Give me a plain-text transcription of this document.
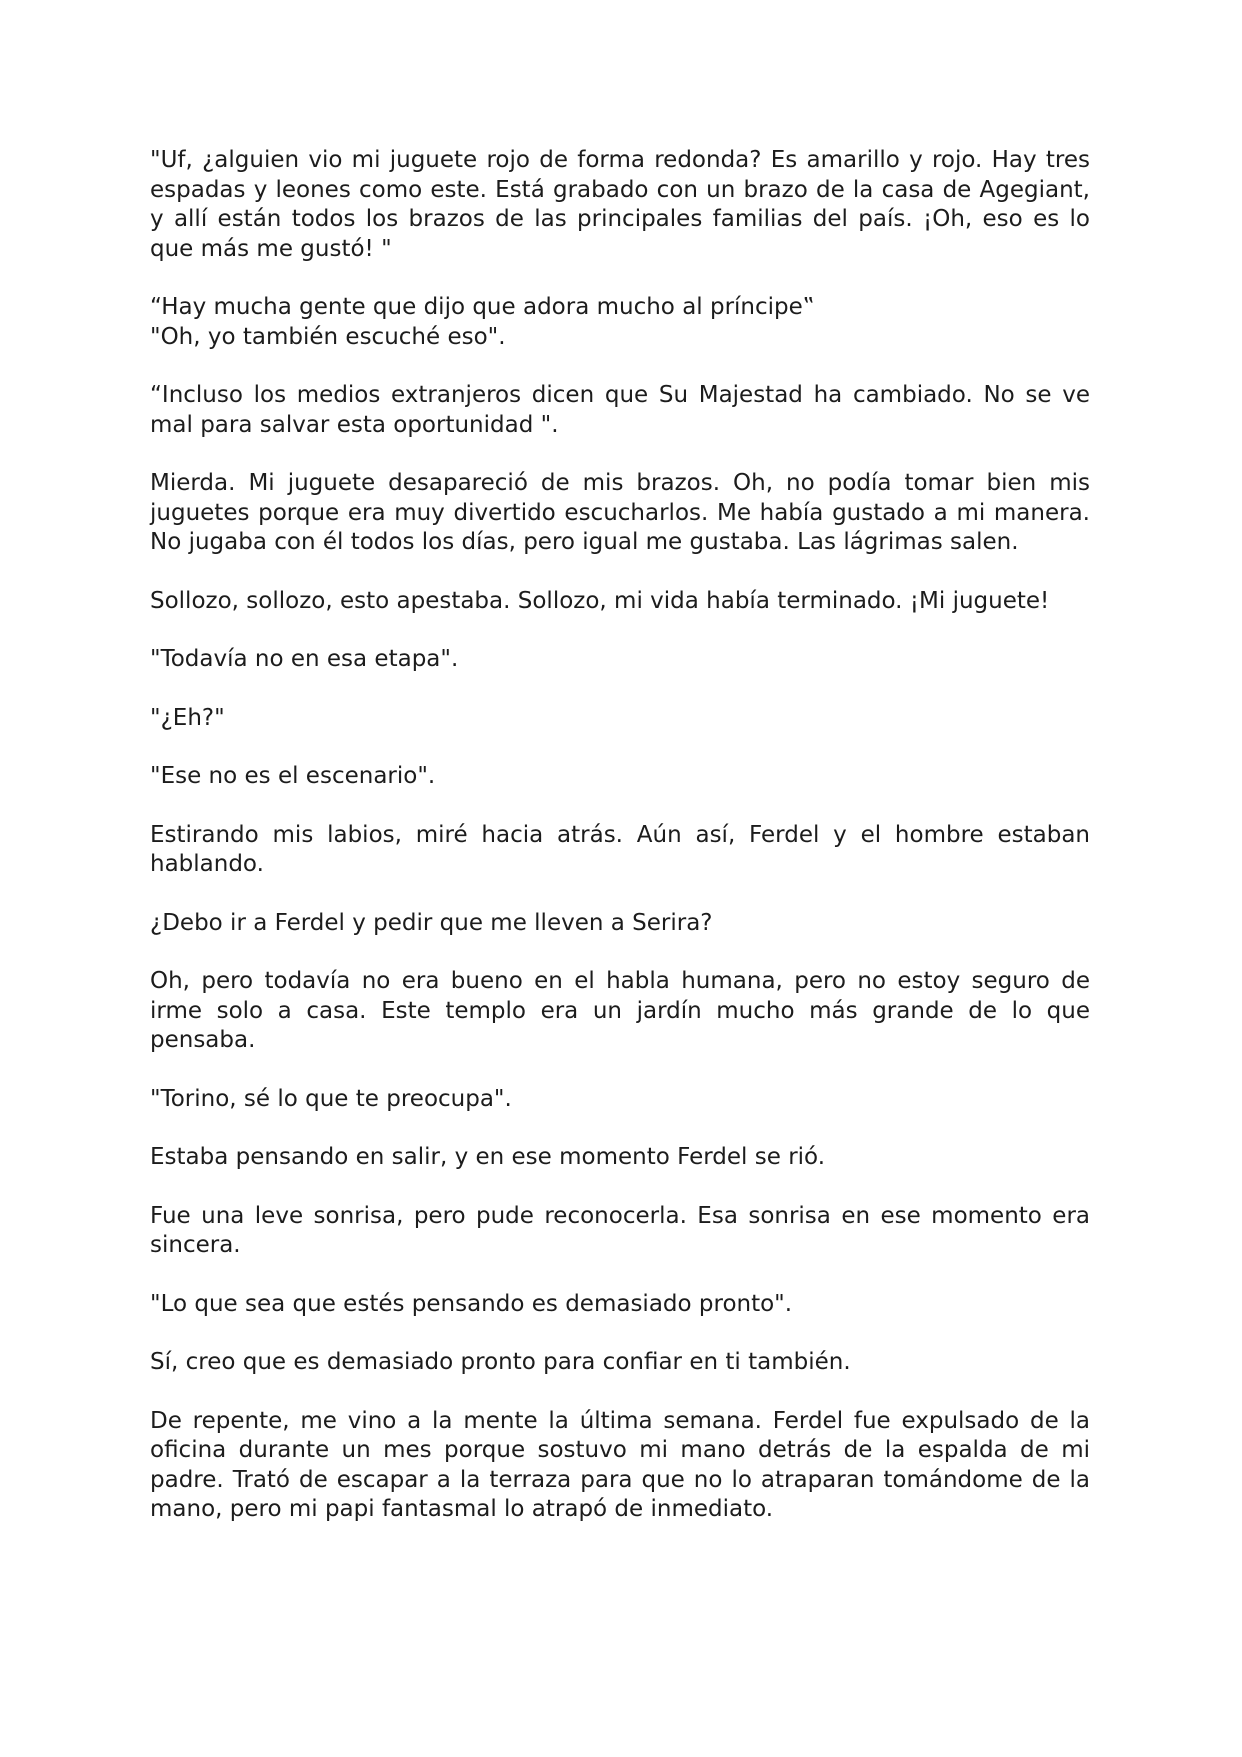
"Uf, ¿alguien vio mi juguete rojo de forma redonda? Es amarillo y rojo. Hay tres espadas y leones como este. Está grabado con un brazo de la casa de Agegiant, y allí están todos los brazos de las principales familias del país. ¡Oh, eso es lo que más me gustó! "

“Hay mucha gente que dijo que adora mucho al príncipe‟
"Oh, yo también escuché eso".

“Incluso los medios extranjeros dicen que Su Majestad ha cambiado. No se ve mal para salvar esta oportunidad ".

Mierda. Mi juguete desapareció de mis brazos. Oh, no podía tomar bien mis juguetes porque era muy divertido escucharlos. Me había gustado a mi manera. No jugaba con él todos los días, pero igual me gustaba. Las lágrimas salen.

Sollozo, sollozo, esto apestaba. Sollozo, mi vida había terminado. ¡Mi juguete!

"Todavía no en esa etapa".

"¿Eh?"

"Ese no es el escenario".

Estirando mis labios, miré hacia atrás. Aún así, Ferdel y el hombre estaban hablando.

¿Debo ir a Ferdel y pedir que me lleven a Serira?

Oh, pero todavía no era bueno en el habla humana, pero no estoy seguro de irme solo a casa. Este templo era un jardín mucho más grande de lo que pensaba.

"Torino, sé lo que te preocupa".

Estaba pensando en salir, y en ese momento Ferdel se rió.

Fue una leve sonrisa, pero pude reconocerla. Esa sonrisa en ese momento era sincera.

"Lo que sea que estés pensando es demasiado pronto".

Sí, creo que es demasiado pronto para confiar en ti también.

De repente, me vino a la mente la última semana. Ferdel fue expulsado de la oficina durante un mes porque sostuvo mi mano detrás de la espalda de mi padre. Trató de escapar a la terraza para que no lo atraparan tomándome de la mano, pero mi papi fantasmal lo atrapó de inmediato.
